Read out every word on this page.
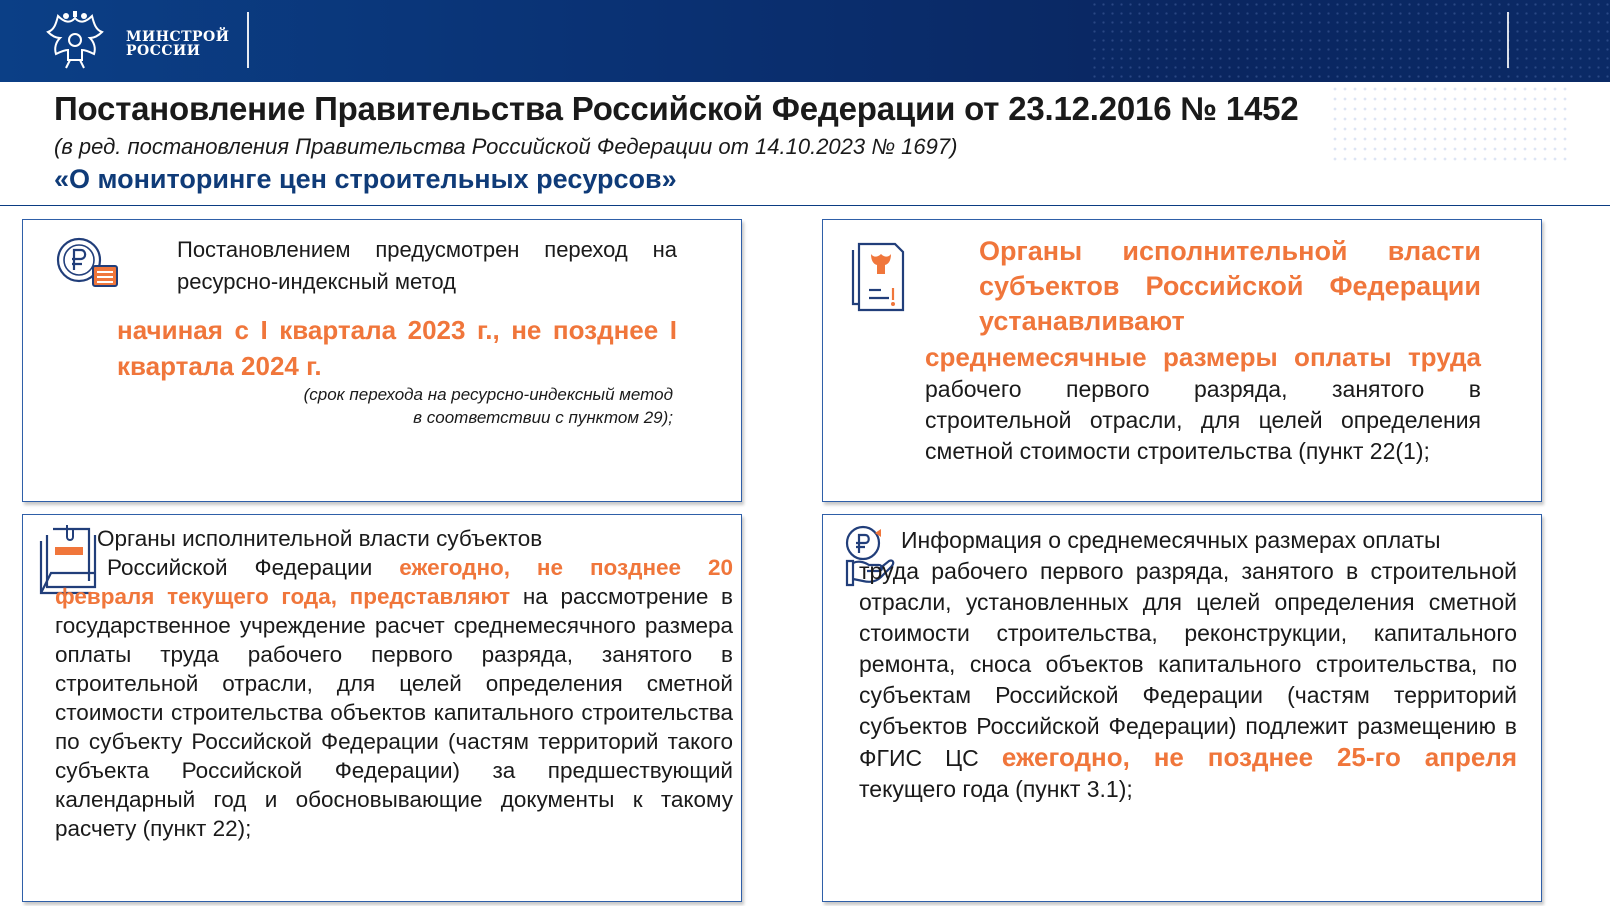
МИНСТРОЙ
РОССИИ
Постановление Правительства Российской Федерации от 23.12.2016 № 1452
(в ред. постановления Правительства Российской Федерации от 14.10.2023 № 1697)
«О мониторинге цен строительных ресурсов»
Постановлением предусмотрен переход на ресурсно-индексный метод
начиная с I квартала 2023 г., не позднее I квартала 2024 г.
(срок перехода на ресурсно-индексный метод
в соответствии с пунктом 29);
Органы исполнительной власти субъектов Российской Федерации устанавливают
среднемесячные размеры оплаты труда рабочего первого разряда, занятого в строительной отрасли, для целей определения сметной стоимости строительства (пункт 22(1);
Органы исполнительной власти субъектов
Российской Федерации ежегодно, не позднее 20 февраля текущего года, представляют на рассмотрение в государственное учреждение расчет среднемесячного размера оплаты труда рабочего первого разряда, занятого в строительной отрасли, для целей определения сметной стоимости строительства объектов капитального строительства по субъекту Российской Федерации (частям территорий такого субъекта Российской Федерации) за предшествующий календарный год и обосновывающие документы к такому расчету (пункт 22);
Информация о среднемесячных размерах оплаты
труда рабочего первого разряда, занятого в строительной отрасли, установленных для целей определения сметной стоимости строительства, реконструкции, капитального ремонта, сноса объектов капитального строительства, по субъектам Российской Федерации (частям территорий субъектов Российской Федерации) подлежит размещению в ФГИС ЦС ежегодно, не позднее 25-го апреля текущего года (пункт 3.1);
